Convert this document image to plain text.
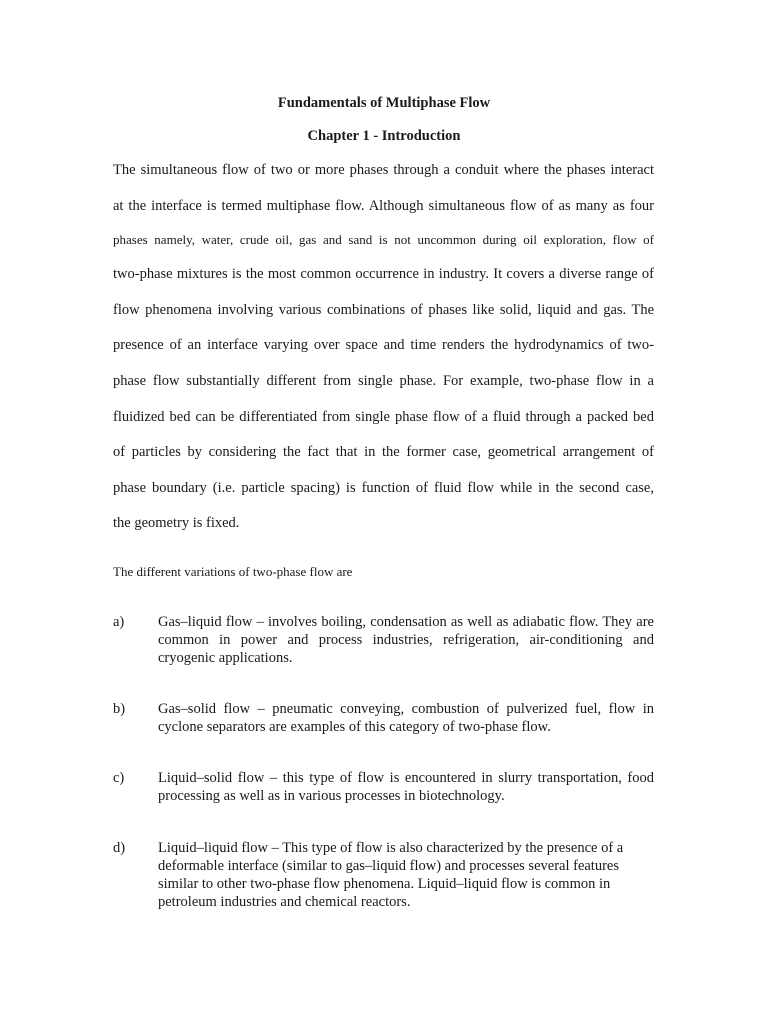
Fundamentals of Multiphase Flow
Chapter 1 - Introduction

The simultaneous flow of two or more phases through a conduit where the phases interact

at the interface is termed multiphase flow. Although simultaneous flow of as many as four

phases namely, water, crude oil, gas and sand is not uncommon during oil exploration, flow of

two-phase mixtures is the most common occurrence in industry. It covers a diverse range of

flow phenomena involving various combinations of phases like solid, liquid and gas. The

presence of an interface varying over space and time renders the hydrodynamics of two-

phase flow substantially different from single phase. For example, two-phase flow in a

fluidized bed can be differentiated from single phase flow of a fluid through a packed bed

of particles by considering the fact that in the former case, geometrical arrangement of

phase boundary (i.e. particle spacing) is function of fluid flow while in the second case,

the geometry is fixed.

The different variations of two-phase flow are

a) Gas–liquid flow – involves boiling, condensation as well as adiabatic flow. They are common in power and process industries, refrigeration, air-conditioning and cryogenic applications.

b) Gas–solid flow – pneumatic conveying, combustion of pulverized fuel, flow in cyclone separators are examples of this category of two-phase flow.

c) Liquid–solid flow – this type of flow is encountered in slurry transportation, food processing as well as in various processes in biotechnology.

d) Liquid–liquid flow – This type of flow is also characterized by the presence of a deformable interface (similar to gas–liquid flow) and processes several features similar to other two-phase flow phenomena. Liquid–liquid flow is common in petroleum industries and chemical reactors.
